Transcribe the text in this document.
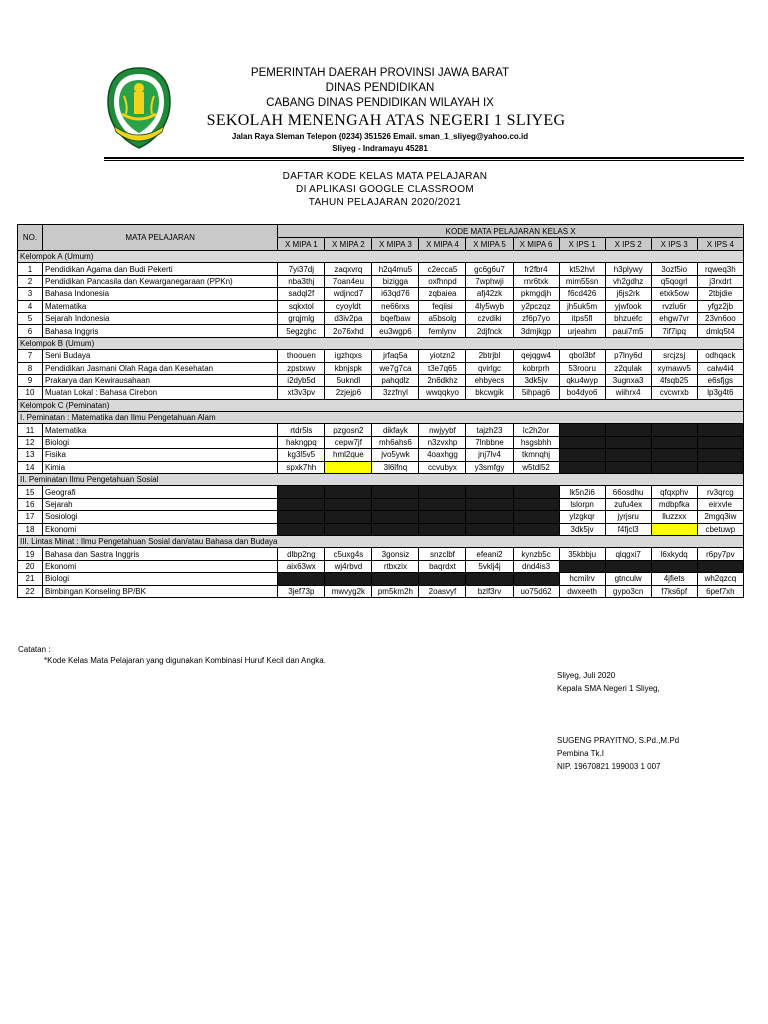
PEMERINTAH DAERAH PROVINSI JAWA BARAT
DINAS PENDIDIKAN
CABANG DINAS PENDIDIKAN WILAYAH IX
SEKOLAH MENENGAH ATAS NEGERI 1 SLIYEG
Jalan Raya Sleman Telepon (0234) 351526 Email. sman_1_sliyeg@yahoo.co.id
Sliyeg - Indramayu 45281
DAFTAR KODE KELAS MATA PELAJARAN
DI APLIKASI GOOGLE CLASSROOM
TAHUN PELAJARAN 2020/2021
NO.	MATA PELAJARAN	KODE MATA PELAJARAN KELAS X									
		X MIPA 1	X MIPA 2	X MIPA 3	X MIPA 4	X MIPA 5	X MIPA 6	X IPS 1	X IPS 2	X IPS 3	X IPS 4
Kelompok A (Umum)											
1	Pendidikan Agama dan Budi Pekerti	7yi37dj	zaqxvrq	h2q4mu5	c2ecca5	gc6g6u7	fr2fbr4	kt52hvl	h3plywy	3ozf5io	rqweq3h
2	Pendidikan Pancasila dan Kewarganegaraan (PPKn)	nba3thj	7oan4eu	bizigga	oxfhnpd	7wphwji	rnr6txk	mim55sn	vh2gdhz	q5qogrl	j3rxdrt
3	Bahasa Indonesia	sadql2f	wdjncd7	i63qd76	zqbaiea	afj42zk	pkmgdjh	f6cd426	j6js2rk	etxk5ow	2tbjdie
4	Matematika	sqkxtol	cyoyldt	ne66rxs	feqiisi	4ly5wyb	y2pczqz	jh5uk5m	yjwfook	rvzlu6r	yfgz2jb
5	Sejarah Indonesia	grqjmlg	d3iv2pa	bqefbaw	a5bsolg	czvdiki	zf6p7yo	itps5fl	bhzuefc	ehgw7vr	23vn6oo
6	Bahasa Inggris	5egzghc	2o76xhd	eu3wgp6	femlynv	2djfnck	3dmjkgp	urjeahm	paui7m5	7if7ipq	dmlq5t4
Kelompok B (Umum)											
7	Seni Budaya	thoouen	igzhqxs	jrfaq5a	yiotzn2	2btrjbl	qejqgw4	qbol3bf	p7lny6d	srcjzsj	odhqack
8	Pendidikan Jasmani Olah Raga dan Kesehatan	zpstxwv	kbnjspk	we7g7ca	t3e7q65	qvirlgc	kobrprh	53rooru	z2qulak	xymawv5	calw4i4
9	Prakarya dan Kewirausahaan	i2dyb5d	5ukndl	pahqdlz	2n6dkhz	ehbyecs	3dk5jv	qku4wyp	3ugnxa3	4fsqb25	e6sfjgs
10	Muatan Lokal : Bahasa Cirebon	xt3v3pv	2zjejp6	3zzfnyl	wwqqkyo	bkcwgik	5ihpag6	bo4dyo6	wiihrx4	cvcwrxb	lp3g4t6
Kelompok C (Peminatan)											
I. Peminatan : Matematika dan Ilmu Pengetahuan Alam											
11	Matematika	rtdr5ls	pzgosn2	dikfayk	nwjyybf	tajzh23	lc2h2or				
12	Biologi	hakngpq	cepw7jf	mh6ahs6	n3zvxhp	7lnbbne	hsgsbhh				
13	Fisika	kg3l5v5	hml2que	jvo5ywk	4oaxhgg	jnj7lv4	tkmnqhj				
14	Kimia	spxk7hh		3l6lfnq	ccvubyx	y3smfgy	w5tdl52				
II. Peminatan Ilmu Pengetahuan Sosial											
15	Geografi							lk5n2i6	66osdhu	qfqxphv	rv3qrcg
16	Sejarah							lslorpn	zufu4ex	mdbpfka	eirxvle
17	Sosiologi							ylzgkqr	jyrjsru	lluzzxx	2mgq3iw
18	Ekonomi							3dk5jv	f4fjcl3		cbetuwp
III. Lintas Minat : Ilmu Pengetahuan Sosial dan/atau Bahasa dan Budaya											
19	Bahasa dan Sastra Inggris	dlbp2ng	c5uxg4s	3gonsiz	snzclbf	efeani2	kynzb5c	35kbbju	qlqgxi7	l6xkydq	r6py7pv
20	Ekonomi	aix63wx	wj4rbvd	rtbxzix	baqrdxt	5vklj4j	dnd4is3				
21	Biologi							hcmilrv	gtnculw	4jfiets	wh2qzcq
22	Bimbingan Konseling BP/BK	3jef73p	mwvyg2k	pm5km2h	2oasvyf	bzlf3rv	uo75d62	dwxeeth	gypo3cn	f7ks6pf	6pef7xh
Catatan :
*Kode Kelas Mata Pelajaran yang digunakan Kombinasi Huruf Kecil dan Angka.
Sliyeg, Juli 2020
Kepala SMA Negeri 1 Sliyeg,
SUGENG PRAYITNO, S.Pd.,M.Pd
Pembina Tk.I
NIP. 19670821 199003 1 007
